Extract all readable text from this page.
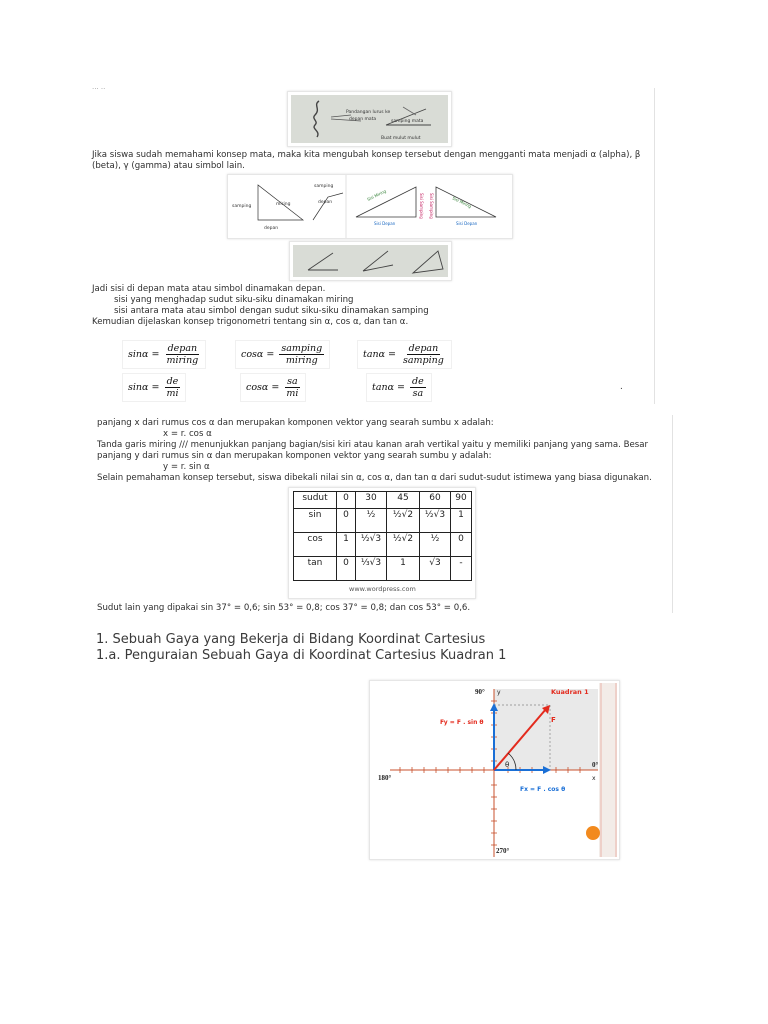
... ..
Pandangan lurus ke
depan mata	samping mata
Buat mulut mulut
Jika siswa sudah memahami konsep mata, maka kita mengubah konsep tersebut dengan mengganti mata menjadi α (alpha), β
(beta), γ (gamma) atau simbol lain.
samping	miring
depan
depan
samping
Sisi Miring	Sisi Samping
Sisi Depan
Sisi Miring
Sisi Depan
Sisi Samping
Jadi sisi di depan mata atau simbol dinamakan depan.
sisi yang menghadap sudut siku-siku dinamakan miring
sisi antara mata atau simbol dengan sudut siku-siku dinamakan samping
Kemudian dijelaskan konsep trigonometri tentang sin α, cos α, dan tan α.
$\sin\alpha = \frac{\text{depan}}{\text{miring}}$	$\cos\alpha = \frac{\text{samping}}{\text{miring}}$	$\tan\alpha = \frac{\text{depan}}{\text{samping}}$
$\sin\alpha = \frac{de}{mi}$	$\cos\alpha = \frac{sa}{mi}$	$\tan\alpha = \frac{de}{sa}$	.
panjang x dari rumus cos α dan merupakan komponen vektor yang searah sumbu x adalah:
x = r. cos α
Tanda garis miring /// menunjukkan panjang bagian/sisi kiri atau kanan arah vertikal yaitu y memiliki panjang yang sama. Besar
panjang y dari rumus sin α dan merupakan komponen vektor yang searah sumbu y adalah:
y = r. sin α
Selain pemahaman konsep tersebut, siswa dibekali nilai sin α, cos α, dan tan α dari sudut-sudut istimewa yang biasa digunakan.
sudut	0	30	45	60	90
sin	0	½	½√2	½√3	1
cos	1	½√3	½√2	½	0
tan	0	⅓√3	1	√3	-
www.wordpress.com
Sudut lain yang dipakai sin 37° = 0,6; sin 53° = 0,8; cos 37° = 0,8; dan cos 53° = 0,6.
1. Sebuah Gaya yang Bekerja di Bidang Koordinat Cartesius
1.a. Penguraian Sebuah Gaya di Koordinat Cartesius Kuadran 1
90° y	Kuadran 1
Fy = F . sin θ	F
θ	0°
x
180°
Fx = F . cos θ
270°
